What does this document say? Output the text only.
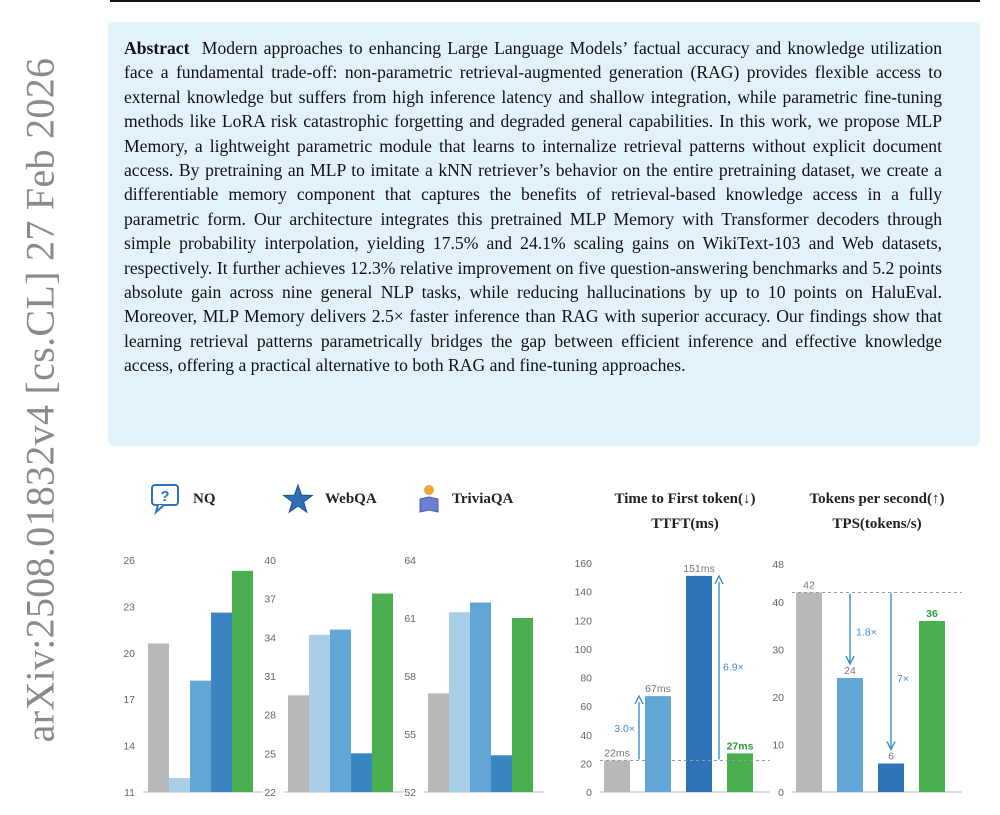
arXiv:2508.01832v4 [cs.CL] 27 Feb 2026
Abstract Modern approaches to enhancing Large Language Models’ factual accuracy and knowledge utilization face a fundamental trade-off: non-parametric retrieval-augmented generation (RAG) provides flexible access to external knowledge but suffers from high inference latency and shallow integration, while parametric fine-tuning methods like LoRA risk catastrophic forgetting and degraded general capabilities. In this work, we propose MLP Memory, a lightweight parametric module that learns to internalize retrieval patterns without explicit document access. By pretraining an MLP to imitate a kNN retriever’s behavior on the entire pretraining dataset, we create a differentiable memory component that captures the benefits of retrieval-based knowledge access in a fully parametric form. Our architecture integrates this pretrained MLP Memory with Transformer decoders through simple probability interpolation, yielding 17.5% and 24.1% scaling gains on WikiText-103 and Web datasets, respectively. It further achieves 12.3% relative improvement on five question-answering benchmarks and 5.2 points absolute gain across nine general NLP tasks, while reducing hallucinations by up to 10 points on HaluEval. Moreover, MLP Memory delivers 2.5× faster inference than RAG with superior accuracy. Our findings show that learning retrieval patterns parametrically bridges the gap between efficient inference and effective knowledge access, offering a practical alternative to both RAG and fine-tuning approaches.
11
14
17
20
23
26
NQ
22
25
28
31
34
37
40
WebQA
52
55
58
61
64
TriviaQA
0
20
40
60
80
100
120
140
160
22ms
67ms
151ms
27ms
Time to First token(↓)
TTFT(ms)
0
10
20
30
40
48
42
24
6
36
Tokens per second(↑)
TPS(tokens/s)
3.0×
6.9×
1.8×
7×
?
